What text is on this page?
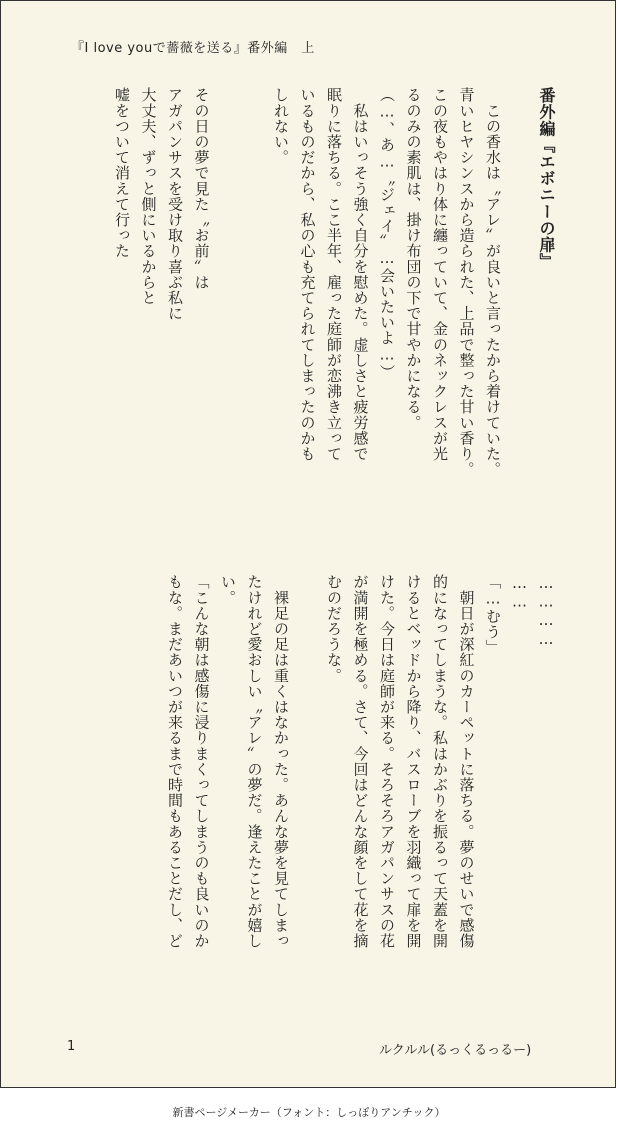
『I love youで薔薇を送る』番外編　上
番外編『エボニーの扉』
　この香水は〝アレ〟が良いと言ったから着けていた。
青いヒヤシンスから造られた、上品で整った甘い香り。
この夜もやはり体に纏っていて、金のネックレスが光
るのみの素肌は、掛け布団の下で甘やかになる。
（…、あ…〝ジェイ〟…会いたいよ…）
　私はいっそう強く自分を慰めた。虚しさと疲労感で
眠りに落ちる。ここ半年、雇った庭師が恋沸き立って
いるものだから、私の心も充てられてしまったのかも
しれない。
その日の夢で見た〝お前〟は
アガパンサスを受け取り喜ぶ私に
大丈夫、ずっと側にいるからと
嘘をついて消えて行った
…………
……
「…むう」
　朝日が深紅のカーペットに落ちる。夢のせいで感傷
的になってしまうな。私はかぶりを振るって天蓋を開
けるとベッドから降り、バスローブを羽織って扉を開
けた。今日は庭師が来る。そろそろアガパンサスの花
が満開を極める。さて、今回はどんな顔をして花を摘
むのだろうな。
　裸足の足は重くはなかった。あんな夢を見てしまっ
たけれど愛おしい〝アレ〟の夢だ。逢えたことが嬉し
い。
「こんな朝は感傷に浸りまくってしまうのも良いのか
もな。まだあいつが来るまで時間もあることだし、ど
1	ルクルル(るっくるっるー)
新書ページメーカー（フォント：しっぽりアンチック）
